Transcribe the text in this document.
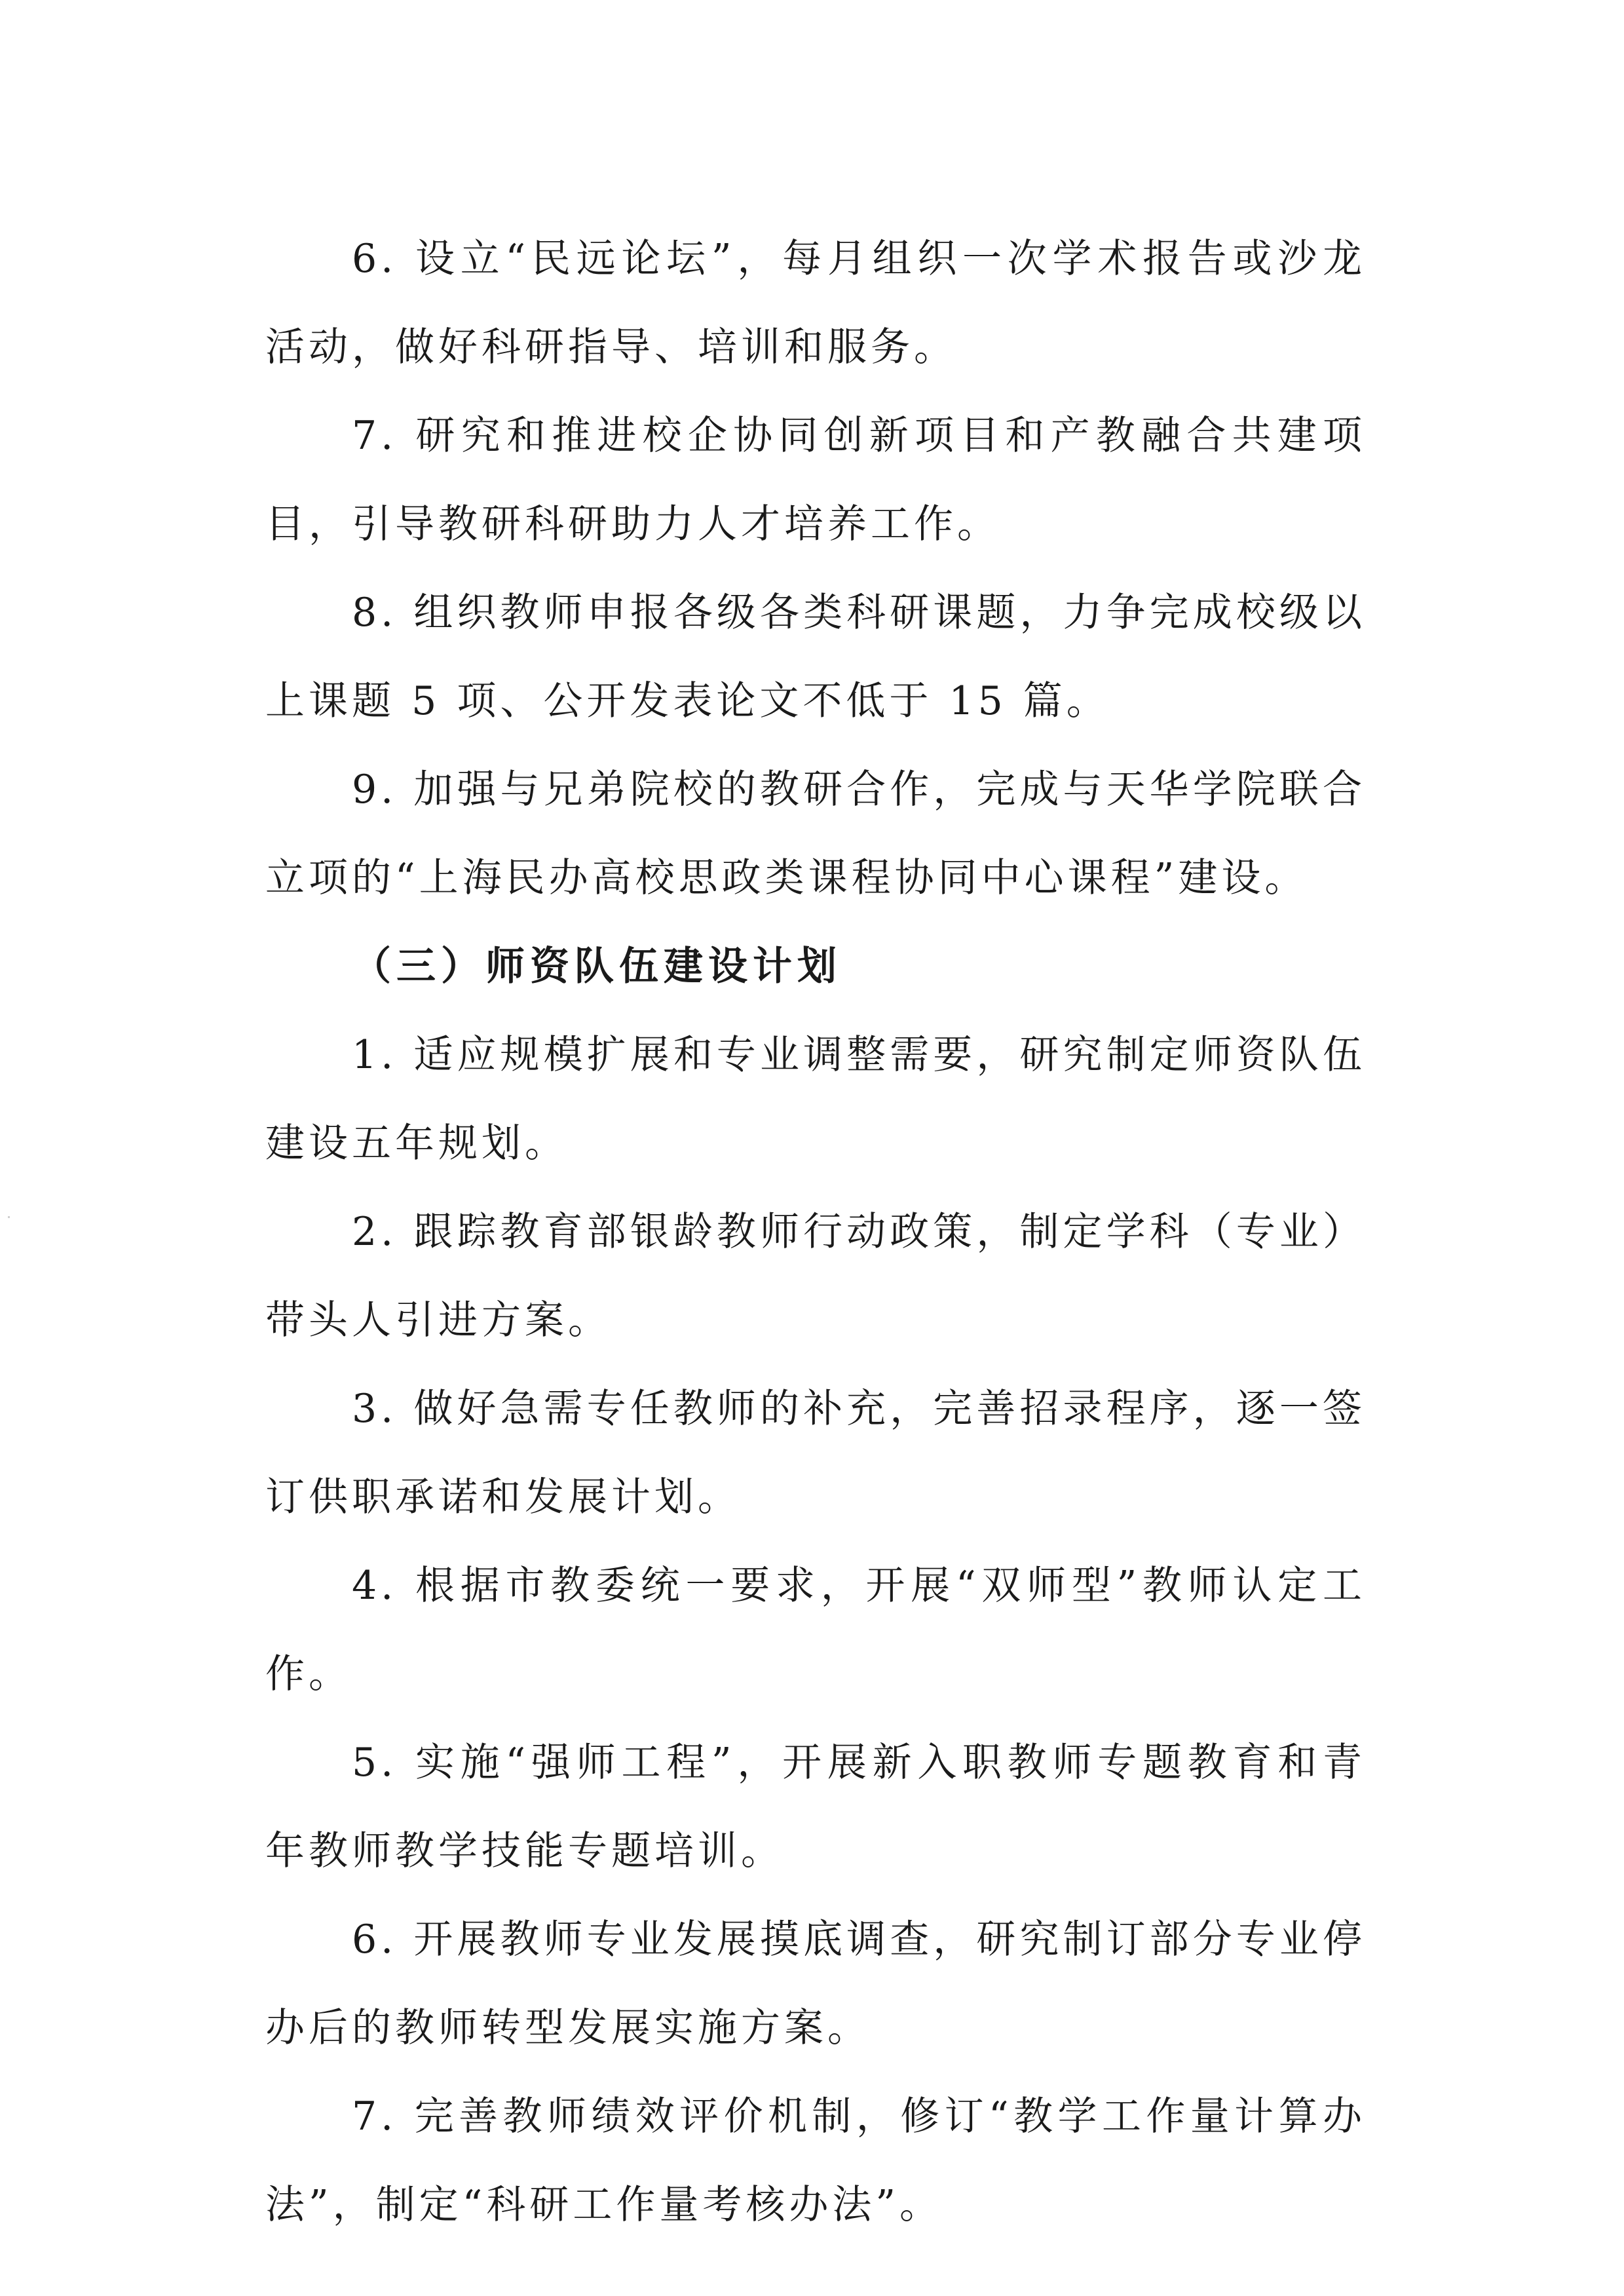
6. 设立“民远论坛”，每月组织一次学术报告或沙龙活动，做好科研指导、培训和服务。

7. 研究和推进校企协同创新项目和产教融合共建项目，引导教研科研助力人才培养工作。

8. 组织教师申报各级各类科研课题，力争完成校级以上课题 5 项、公开发表论文不低于 15 篇。

9. 加强与兄弟院校的教研合作，完成与天华学院联合立项的“上海民办高校思政类课程协同中心课程”建设。

（三）师资队伍建设计划

1. 适应规模扩展和专业调整需要，研究制定师资队伍建设五年规划。

2. 跟踪教育部银龄教师行动政策，制定学科（专业）带头人引进方案。

3. 做好急需专任教师的补充，完善招录程序，逐一签订供职承诺和发展计划。

4. 根据市教委统一要求，开展“双师型”教师认定工作。

5. 实施“强师工程”，开展新入职教师专题教育和青年教师教学技能专题培训。

6. 开展教师专业发展摸底调查，研究制订部分专业停办后的教师转型发展实施方案。

7. 完善教师绩效评价机制，修订“教学工作量计算办法”，制定“科研工作量考核办法”。
